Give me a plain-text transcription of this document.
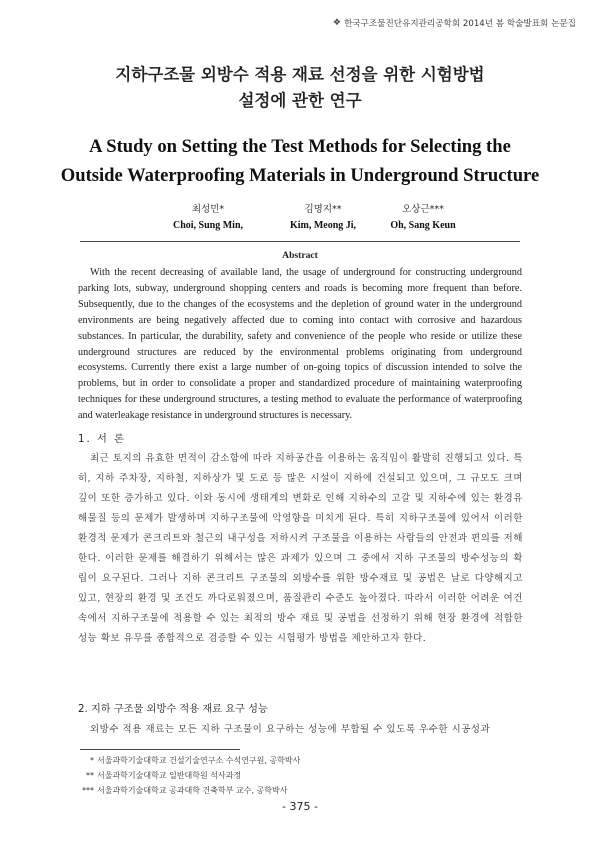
❖ 한국구조물진단유지관리공학회 2014년 봄 학술발표회 논문집
지하구조물 외방수 적용 재료 선정을 위한 시험방법
설정에 관한 연구
A Study on Setting the Test Methods for Selecting the
Outside Waterproofing Materials in Underground Structure
최성민*
Choi, Sung Min,
김명지**
Kim, Meong Ji,
오상근***
Oh, Sang Keun
Abstract

With the recent decreasing of available land, the usage of underground for constructing underground parking lots, subway, underground shopping centers and roads is becoming more frequent than before. Subsequently, due to the changes of the ecosystems and the depletion of ground water in the underground environments are being negatively affected due to coming into contact with corrosive and hazardous substances. In particular, the durability, safety and convenience of the people who reside or utilize these underground structures are reduced by the environmental problems originating from underground ecosystems. Currently there exist a large number of on-going topics of discussion intended to solve the problems, but in order to consolidate a proper and standardized procedure of maintaining waterproofing techniques for these underground structures, a testing method to evaluate the performance of waterproofing and waterleakage resistance in underground structures is necessary.

1. 서 론

최근 토지의 유효한 면적이 감소함에 따라 지하공간을 이용하는 움직임이 활발히 진행되고 있다. 특히, 지하 주차장, 지하철, 지하상가 및 도로 등 많은 시설이 지하에 건설되고 있으며, 그 규모도 크며 깊이 또한 증가하고 있다. 이와 동시에 생태계의 변화로 인해 지하수의 고갈 및 지하수에 있는 환경유해물질 등의 문제가 발생하며 지하구조물에 악영향을 미치게 된다. 특히 지하구조물에 있어서 이러한 환경적 문제가 콘크리트와 철근의 내구성을 저하시켜 구조물을 이용하는 사람들의 안전과 편의를 저해한다. 이러한 문제를 해결하기 위해서는 많은 과제가 있으며 그 중에서 지하 구조물의 방수성능의 확립이 요구된다. 그러나 지하 콘크리트 구조물의 외방수를 위한 방수재료 및 공법은 날로 다양해지고 있고, 현장의 환경 및 조건도 까다로워졌으며, 품질관리 수준도 높아졌다. 따라서 이러한 어려운 여건 속에서 지하구조물에 적용할 수 있는 최적의 방수 재료 및 공법을 선정하기 위해 현장 환경에 적합한 성능 확보 유무를 종합적으로 검증할 수 있는 시험평가 방법을 제안하고자 한다.

2. 지하 구조물 외방수 적용 재료 요구 성능

외방수 적용 재료는 모든 지하 구조물이 요구하는 성능에 부합될 수 있도록 우수한 시공성과

* 서울과학기술대학교 건설기술연구소 수석연구원, 공학박사
** 서울과학기술대학교 일반대학원 석사과정
*** 서울과학기술대학교 공과대학 건축학부 교수, 공학박사
- 375 -
